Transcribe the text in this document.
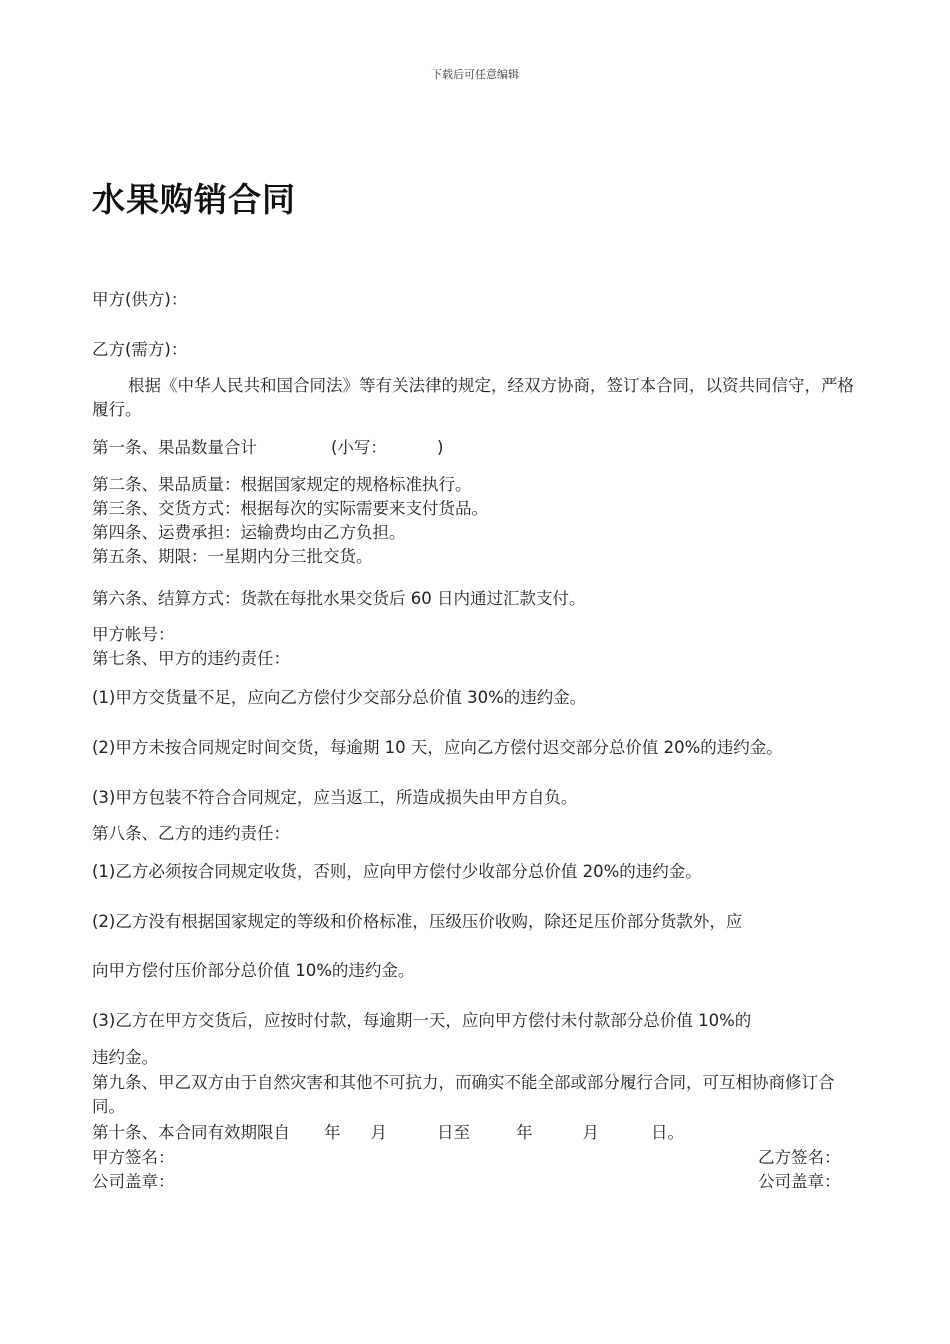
下载后可任意编辑
水果购销合同
甲方(供方)：
乙方(需方)：
根据《中华人民共和国合同法》等有关法律的规定，经双方协商，签订本合同，以资共同信守，严格履行。
第一条、果品数量合计	(小写：	)
第二条、果品质量：根据国家规定的规格标准执行。
第三条、交货方式：根据每次的实际需要来支付货品。
第四条、运费承担：运输费均由乙方负担。
第五条、期限：一星期内分三批交货。
第六条、结算方式：货款在每批水果交货后 60 日内通过汇款支付。
甲方帐号：
第七条、甲方的违约责任：
(1)甲方交货量不足，应向乙方偿付少交部分总价值 30%的违约金。
(2)甲方未按合同规定时间交货，每逾期 10 天，应向乙方偿付迟交部分总价值 20%的违约金。
(3)甲方包装不符合合同规定，应当返工，所造成损失由甲方自负。
第八条、乙方的违约责任：
(1)乙方必须按合同规定收货，否则，应向甲方偿付少收部分总价值 20%的违约金。
(2)乙方没有根据国家规定的等级和价格标准，压级压价收购，除还足压价部分货款外，应
向甲方偿付压价部分总价值 10%的违约金。
(3)乙方在甲方交货后，应按时付款，每逾期一天，应向甲方偿付未付款部分总价值 10%的
违约金。
第九条、甲乙双方由于自然灾害和其他不可抗力，而确实不能全部或部分履行合同，可互相协商修订合同。
第十条、本合同有效期限自 年 月	日至	年	月	日。
甲方签名：	乙方签名：
公司盖章：	公司盖章：
